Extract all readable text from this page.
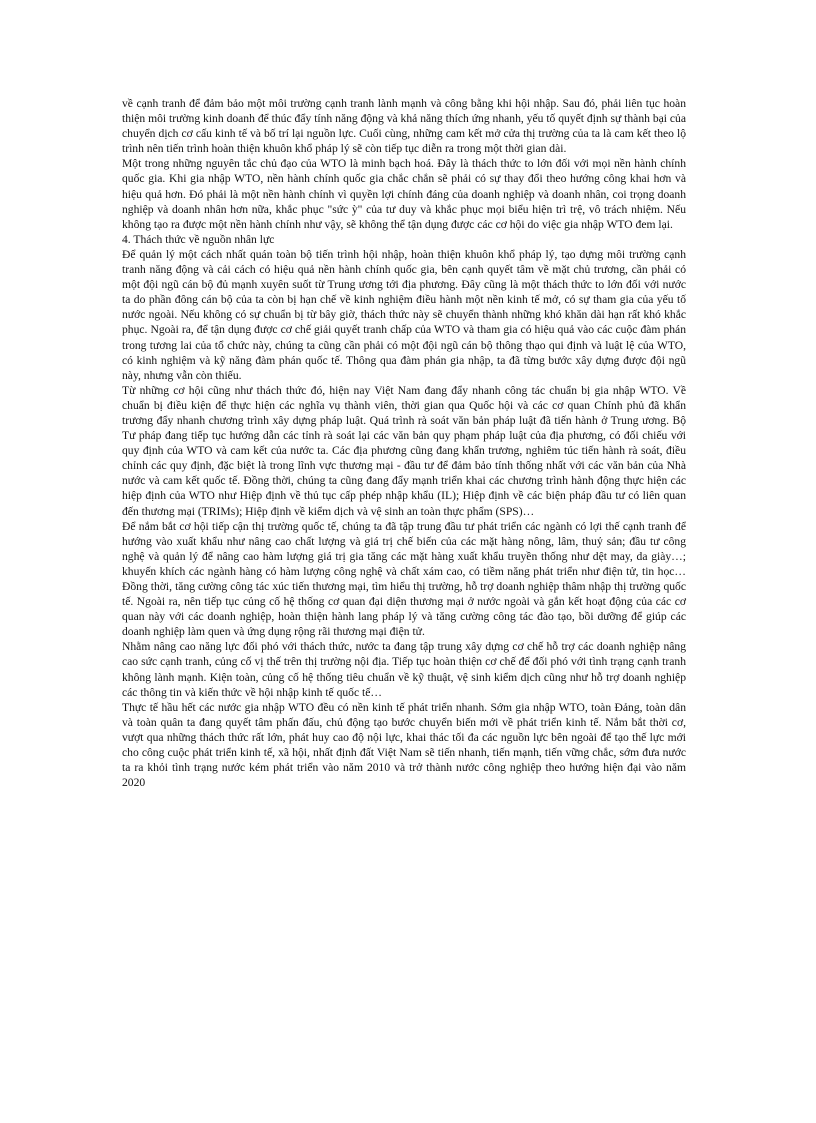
về cạnh tranh để đảm bảo một môi trường cạnh tranh lành mạnh và công bằng khi hội nhập. Sau đó, phải liên tục hoàn thiện môi trường kinh doanh để thúc đẩy tính năng động và khả năng thích ứng nhanh, yếu tố quyết định sự thành bại của chuyển dịch cơ cấu kinh tế và bố trí lại nguồn lực. Cuối cùng, những cam kết mở cửa thị trường của ta là cam kết theo lộ trình nên tiến trình hoàn thiện khuôn khổ pháp lý sẽ còn tiếp tục diễn ra trong một thời gian dài.

Một trong những nguyên tắc chủ đạo của WTO là minh bạch hoá. Đây là thách thức to lớn đối với mọi nền hành chính quốc gia. Khi gia nhập WTO, nền hành chính quốc gia chắc chắn sẽ phải có sự thay đổi theo hướng công khai hơn và hiệu quả hơn. Đó phải là một nền hành chính vì quyền lợi chính đáng của doanh nghiệp và doanh nhân, coi trọng doanh nghiệp và doanh nhân hơn nữa, khắc phục "sức ỳ" của tư duy và khắc phục mọi biểu hiện trì trệ, vô trách nhiệm. Nếu không tạo ra được một nền hành chính như vậy, sẽ không thể tận dụng được các cơ hội do việc gia nhập WTO đem lại.

4. Thách thức về nguồn nhân lực

Để quản lý một cách nhất quán toàn bộ tiến trình hội nhập, hoàn thiện khuôn khổ pháp lý, tạo dựng môi trường cạnh tranh năng động và cải cách có hiệu quả nền hành chính quốc gia, bên cạnh quyết tâm về mặt chủ trương, cần phải có một đội ngũ cán bộ đủ mạnh xuyên suốt từ Trung ương tới địa phương. Đây cũng là một thách thức to lớn đối với nước ta do phần đông cán bộ của ta còn bị hạn chế về kinh nghiệm điều hành một nền kinh tế mở, có sự tham gia của yếu tố nước ngoài. Nếu không có sự chuẩn bị từ bây giờ, thách thức này sẽ chuyển thành những khó khăn dài hạn rất khó khắc phục. Ngoài ra, để tận dụng được cơ chế giải quyết tranh chấp của WTO và tham gia có hiệu quả vào các cuộc đàm phán trong tương lai của tổ chức này, chúng ta cũng cần phải có một đội ngũ cán bộ thông thạo qui định và luật lệ của WTO, có kinh nghiệm và kỹ năng đàm phán quốc tế. Thông qua đàm phán gia nhập, ta đã từng bước xây dựng được đội ngũ này, nhưng vẫn còn thiếu.

Từ những cơ hội cũng như thách thức đó, hiện nay Việt Nam đang đẩy nhanh công tác chuẩn bị gia nhập WTO. Về chuẩn bị điều kiện để thực hiện các nghĩa vụ thành viên, thời gian qua Quốc hội và các cơ quan Chính phủ đã khẩn trương đẩy nhanh chương trình xây dựng pháp luật. Quá trình rà soát văn bản pháp luật đã tiến hành ở Trung ương. Bộ Tư pháp đang tiếp tục hướng dẫn các tỉnh rà soát lại các văn bản quy phạm pháp luật của địa phương, có đối chiếu với quy định của WTO và cam kết của nước ta. Các địa phương cũng đang khẩn trương, nghiêm túc tiến hành rà soát, điều chỉnh các quy định, đặc biệt là trong lĩnh vực thương mại - đầu tư để đảm bảo tính thống nhất với các văn bản của Nhà nước và cam kết quốc tế. Đồng thời, chúng ta cũng đang đẩy mạnh triển khai các chương trình hành động thực hiện các hiệp định của WTO như Hiệp định về thủ tục cấp phép nhập khẩu (IL); Hiệp định về các biện pháp đầu tư có liên quan đến thương mại (TRIMs); Hiệp định về kiểm dịch và vệ sinh an toàn thực phẩm (SPS)…

Để nắm bắt cơ hội tiếp cận thị trường quốc tế, chúng ta đã tập trung đầu tư phát triển các ngành có lợi thế cạnh tranh để hướng vào xuất khẩu như nâng cao chất lượng và giá trị chế biến của các mặt hàng nông, lâm, thuỷ sản; đầu tư công nghệ và quản lý để nâng cao hàm lượng giá trị gia tăng các mặt hàng xuất khẩu truyền thống như dệt may, da giày…; khuyến khích các ngành hàng có hàm lượng công nghệ và chất xám cao, có tiềm năng phát triển như điện tử, tin học… Đồng thời, tăng cường công tác xúc tiến thương mại, tìm hiểu thị trường, hỗ trợ doanh nghiệp thâm nhập thị trường quốc tế. Ngoài ra, nên tiếp tục củng cố hệ thống cơ quan đại diện thương mại ở nước ngoài và gắn kết hoạt động của các cơ quan này với các doanh nghiệp, hoàn thiện hành lang pháp lý và tăng cường công tác đào tạo, bồi dưỡng để giúp các doanh nghiệp làm quen và ứng dụng rộng rãi thương mại điện tử.

Nhằm nâng cao năng lực đối phó với thách thức, nước ta đang tập trung xây dựng cơ chế hỗ trợ các doanh nghiệp nâng cao sức cạnh tranh, củng cố vị thế trên thị trường nội địa. Tiếp tục hoàn thiện cơ chế để đối phó với tình trạng cạnh tranh không lành mạnh. Kiện toàn, củng cố hệ thống tiêu chuẩn về kỹ thuật, vệ sinh kiểm dịch cũng như hỗ trợ doanh nghiệp các thông tin và kiến thức về hội nhập kinh tế quốc tế…

Thực tế hầu hết các nước gia nhập WTO đều có nền kinh tế phát triển nhanh. Sớm gia nhập WTO, toàn Đảng, toàn dân và toàn quân ta đang quyết tâm phấn đấu, chủ động tạo bước chuyển biến mới về phát triển kinh tế. Nắm bắt thời cơ, vượt qua những thách thức rất lớn, phát huy cao độ nội lực, khai thác tối đa các nguồn lực bên ngoài để tạo thế lực mới cho công cuộc phát triển kinh tế, xã hội, nhất định đất Việt Nam sẽ tiến nhanh, tiến mạnh, tiến vững chắc, sớm đưa nước ta ra khỏi tình trạng nước kém phát triển vào năm 2010 và trở thành nước công nghiệp theo hướng hiện đại vào năm 2020
